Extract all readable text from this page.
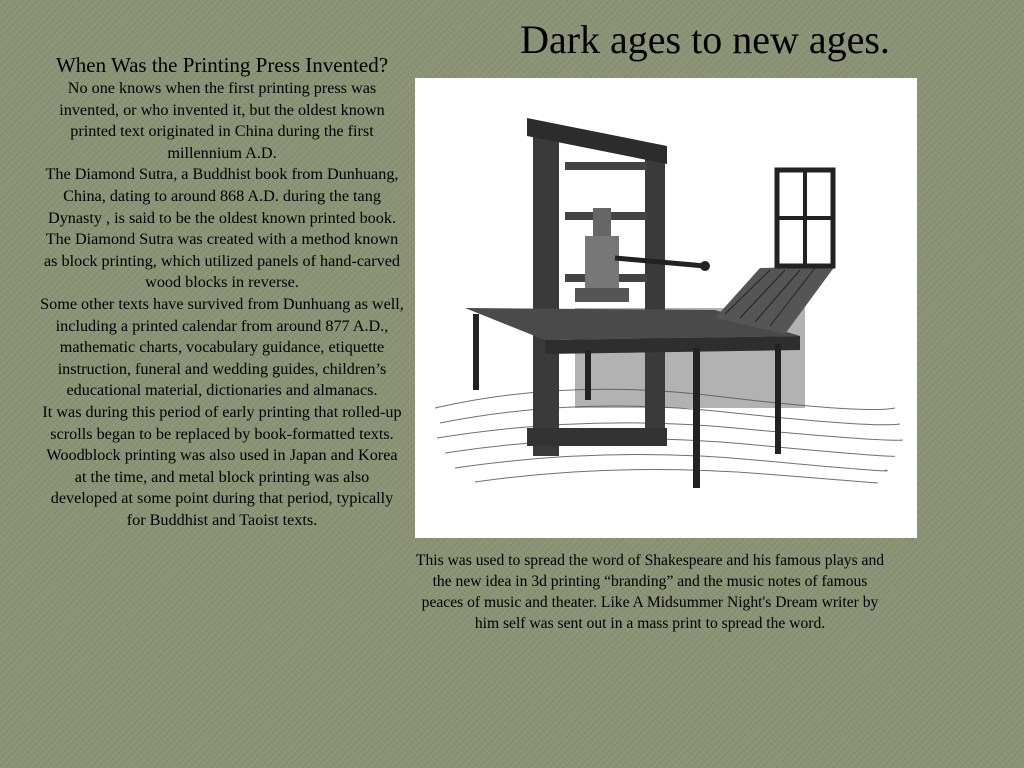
Dark ages to new ages.
When Was the Printing Press Invented?

No one knows when the first printing press was invented, or who invented it, but the oldest known printed text originated in China during the first millennium A.D.

The Diamond Sutra, a Buddhist book from Dunhuang, China, dating to around 868 A.D. during the tang Dynasty , is said to be the oldest known printed book.

The Diamond Sutra was created with a method known as block printing, which utilized panels of hand-carved wood blocks in reverse.

Some other texts have survived from Dunhuang as well, including a printed calendar from around 877 A.D., mathematic charts, vocabulary guidance, etiquette instruction, funeral and wedding guides, children’s educational material, dictionaries and almanacs.

It was during this period of early printing that rolled-up scrolls began to be replaced by book-formatted texts. Woodblock printing was also used in Japan and Korea at the time, and metal block printing was also developed at some point during that period, typically for Buddhist and Taoist texts.

This was used to spread the word of Shakespeare and his famous plays and the new idea in 3d printing “branding” and the music notes of famous peaces of music and theater. Like A Midsummer Night's Dream writer by him self was sent out in a mass print to spread the word.
